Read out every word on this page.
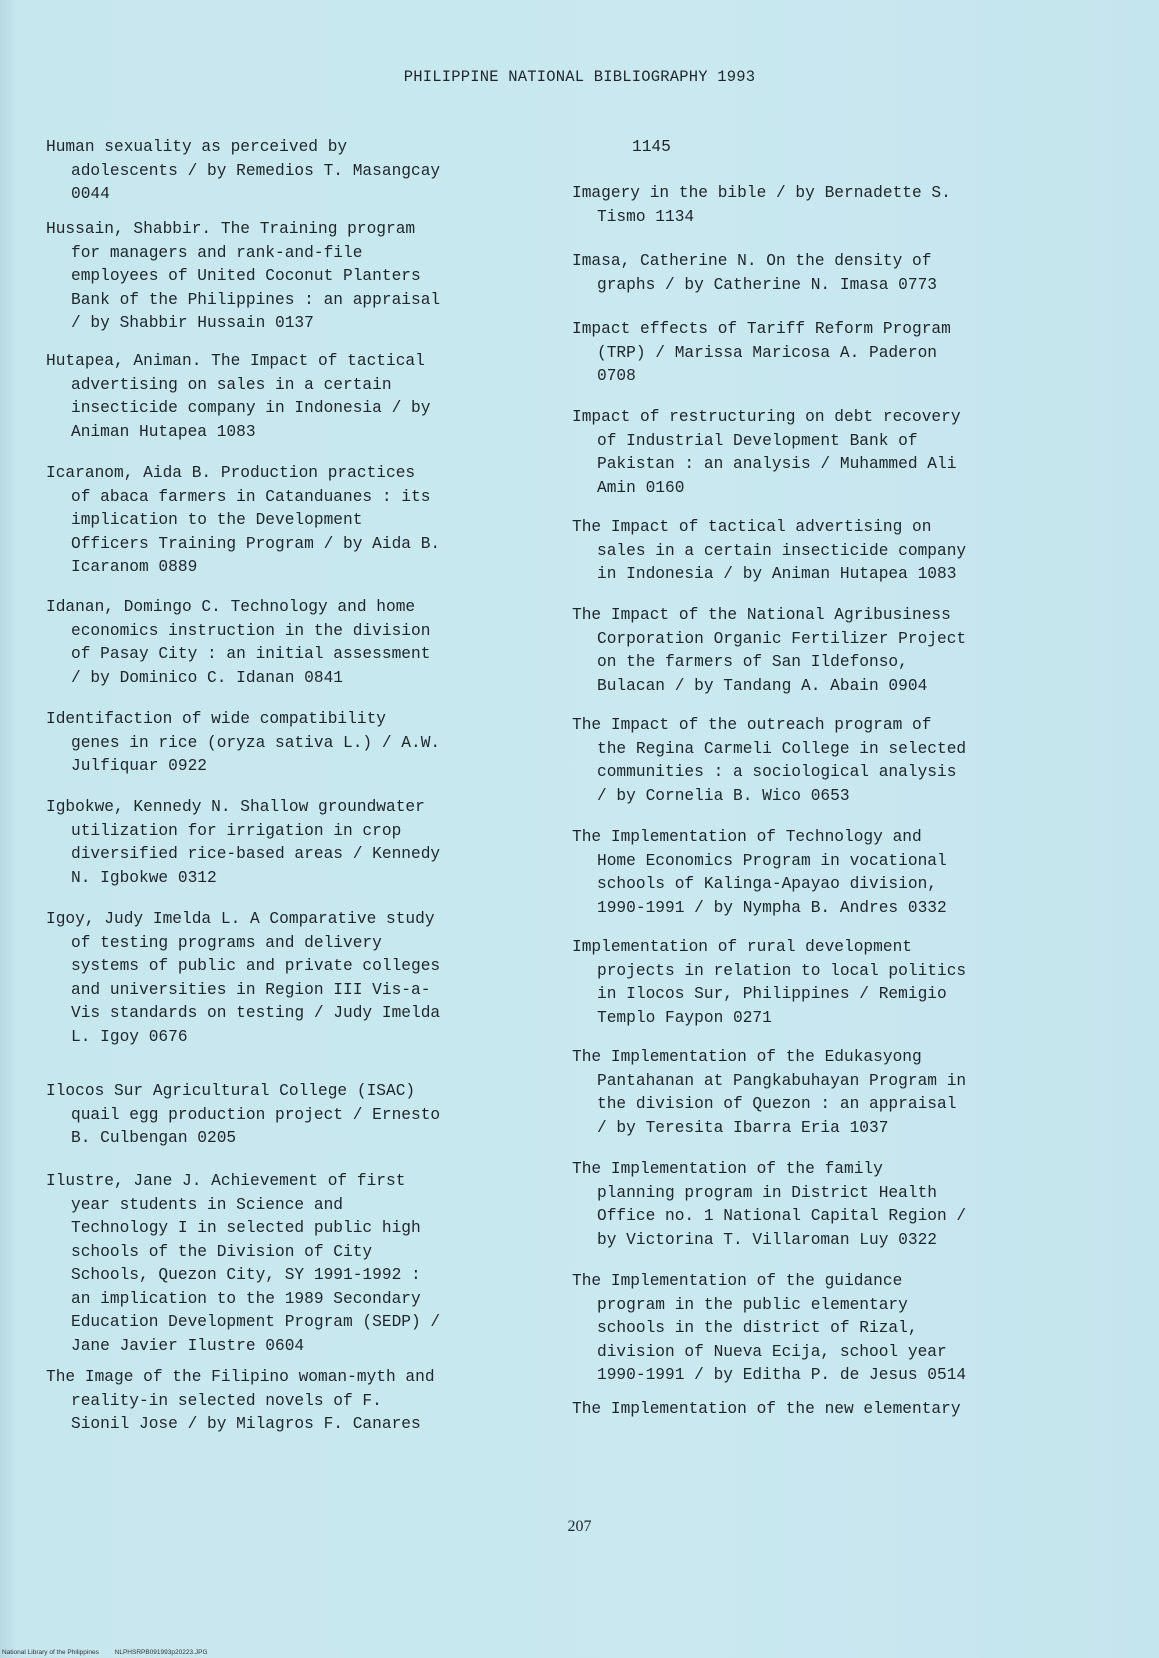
PHILIPPINE NATIONAL BIBLIOGRAPHY 1993
Human sexuality as perceived by
adolescents / by Remedios T. Masangcay
0044
Hussain, Shabbir. The Training program
for managers and rank-and-file
employees of United Coconut Planters
Bank of the Philippines : an appraisal
/ by Shabbir Hussain 0137
Hutapea, Animan. The Impact of tactical
advertising on sales in a certain
insecticide company in Indonesia / by
Animan Hutapea 1083
Icaranom, Aida B. Production practices
of abaca farmers in Catanduanes : its
implication to the Development
Officers Training Program / by Aida B.
Icaranom 0889
Idanan, Domingo C. Technology and home
economics instruction in the division
of Pasay City : an initial assessment
/ by Dominico C. Idanan 0841
Identifaction of wide compatibility
genes in rice (oryza sativa L.) / A.W.
Julfiquar 0922
Igbokwe, Kennedy N. Shallow groundwater
utilization for irrigation in crop
diversified rice-based areas / Kennedy
N. Igbokwe 0312
Igoy, Judy Imelda L. A Comparative study
of testing programs and delivery
systems of public and private colleges
and universities in Region III Vis-a-
Vis standards on testing / Judy Imelda
L. Igoy 0676
Ilocos Sur Agricultural College (ISAC)
quail egg production project / Ernesto
B. Culbengan 0205
Ilustre, Jane J. Achievement of first
year students in Science and
Technology I in selected public high
schools of the Division of City
Schools, Quezon City, SY 1991-1992 :
an implication to the 1989 Secondary
Education Development Program (SEDP) /
Jane Javier Ilustre 0604
The Image of the Filipino woman-myth and
reality-in selected novels of F.
Sionil Jose / by Milagros F. Canares
1145
Imagery in the bible / by Bernadette S.
Tismo 1134
Imasa, Catherine N. On the density of
graphs / by Catherine N. Imasa 0773
Impact effects of Tariff Reform Program
(TRP) / Marissa Maricosa A. Paderon
0708
Impact of restructuring on debt recovery
of Industrial Development Bank of
Pakistan : an analysis / Muhammed Ali
Amin 0160
The Impact of tactical advertising on
sales in a certain insecticide company
in Indonesia / by Animan Hutapea 1083
The Impact of the National Agribusiness
Corporation Organic Fertilizer Project
on the farmers of San Ildefonso,
Bulacan / by Tandang A. Abain 0904
The Impact of the outreach program of
the Regina Carmeli College in selected
communities : a sociological analysis
/ by Cornelia B. Wico 0653
The Implementation of Technology and
Home Economics Program in vocational
schools of Kalinga-Apayao division,
1990-1991 / by Nympha B. Andres 0332
Implementation of rural development
projects in relation to local politics
in Ilocos Sur, Philippines / Remigio
Templo Faypon 0271
The Implementation of the Edukasyong
Pantahanan at Pangkabuhayan Program in
the division of Quezon : an appraisal
/ by Teresita Ibarra Eria 1037
The Implementation of the family
planning program in District Health
Office no. 1 National Capital Region /
by Victorina T. Villaroman Luy 0322
The Implementation of the guidance
program in the public elementary
schools in the district of Rizal,
division of Nueva Ecija, school year
1990-1991 / by Editha P. de Jesus 0514
The Implementation of the new elementary
207
National Library of the Philippines NLPHSRPB091993p20223.JPG
